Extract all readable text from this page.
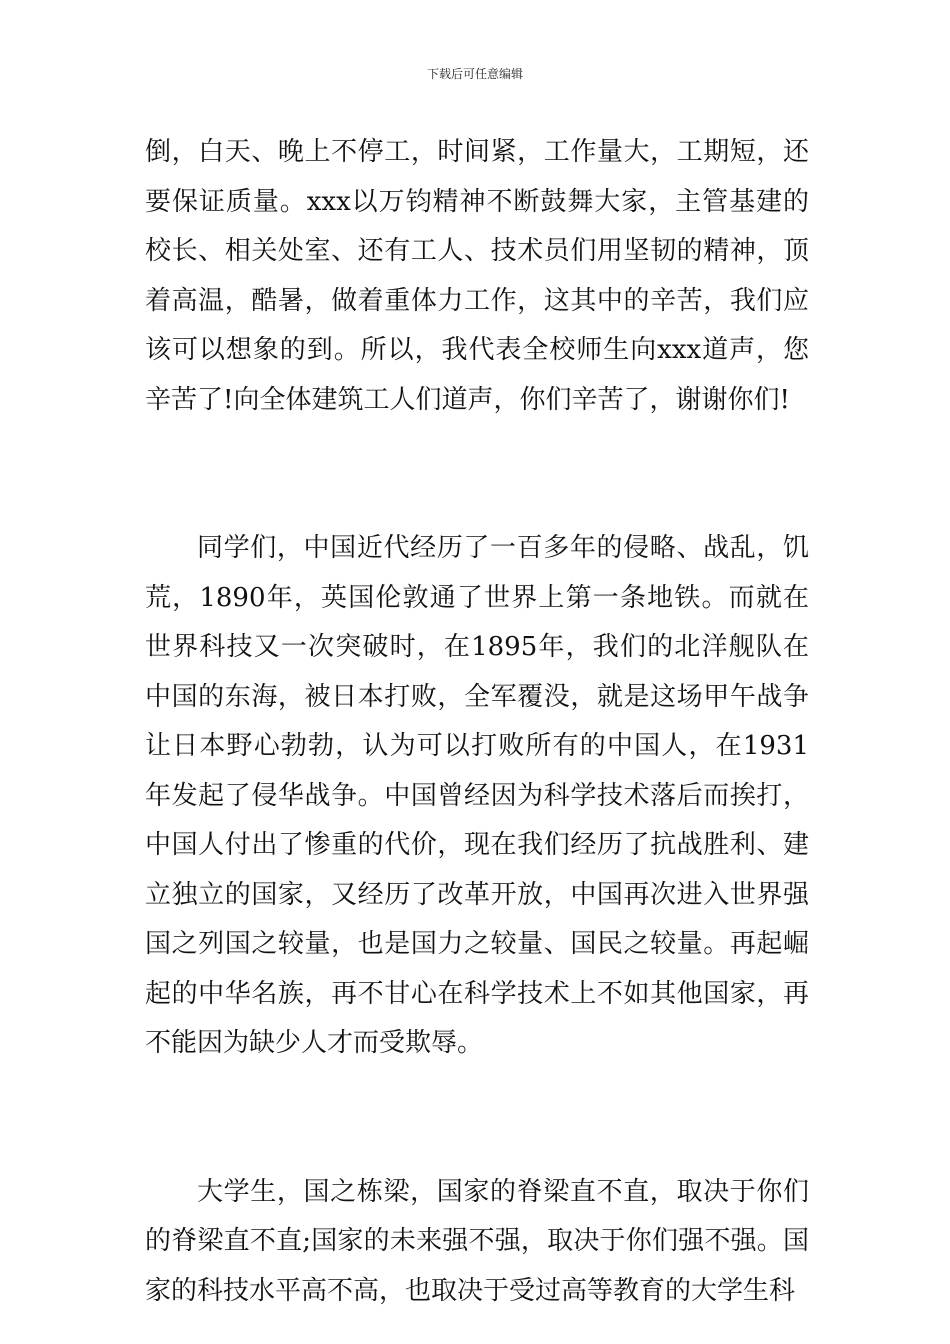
下载后可任意编辑

倒，白天、晚上不停工，时间紧，工作量大，工期短，还要保证质量。xxx以万钧精神不断鼓舞大家，主管基建的校长、相关处室、还有工人、技术员们用坚韧的精神，顶着高温，酷暑，做着重体力工作，这其中的辛苦，我们应该可以想象的到。所以，我代表全校师生向xxx道声，您辛苦了!向全体建筑工人们道声，你们辛苦了，谢谢你们!

同学们，中国近代经历了一百多年的侵略、战乱，饥荒，1890年，英国伦敦通了世界上第一条地铁。而就在世界科技又一次突破时，在1895年，我们的北洋舰队在中国的东海，被日本打败，全军覆没，就是这场甲午战争让日本野心勃勃，认为可以打败所有的中国人，在1931年发起了侵华战争。中国曾经因为科学技术落后而挨打，中国人付出了惨重的代价，现在我们经历了抗战胜利、建立独立的国家，又经历了改革开放，中国再次进入世界强国之列国之较量，也是国力之较量、国民之较量。再起崛起的中华名族，再不甘心在科学技术上不如其他国家，再不能因为缺少人才而受欺辱。

大学生，国之栋梁，国家的脊梁直不直，取决于你们的脊梁直不直;国家的未来强不强，取决于你们强不强。国家的科技水平高不高，也取决于受过高等教育的大学生科
